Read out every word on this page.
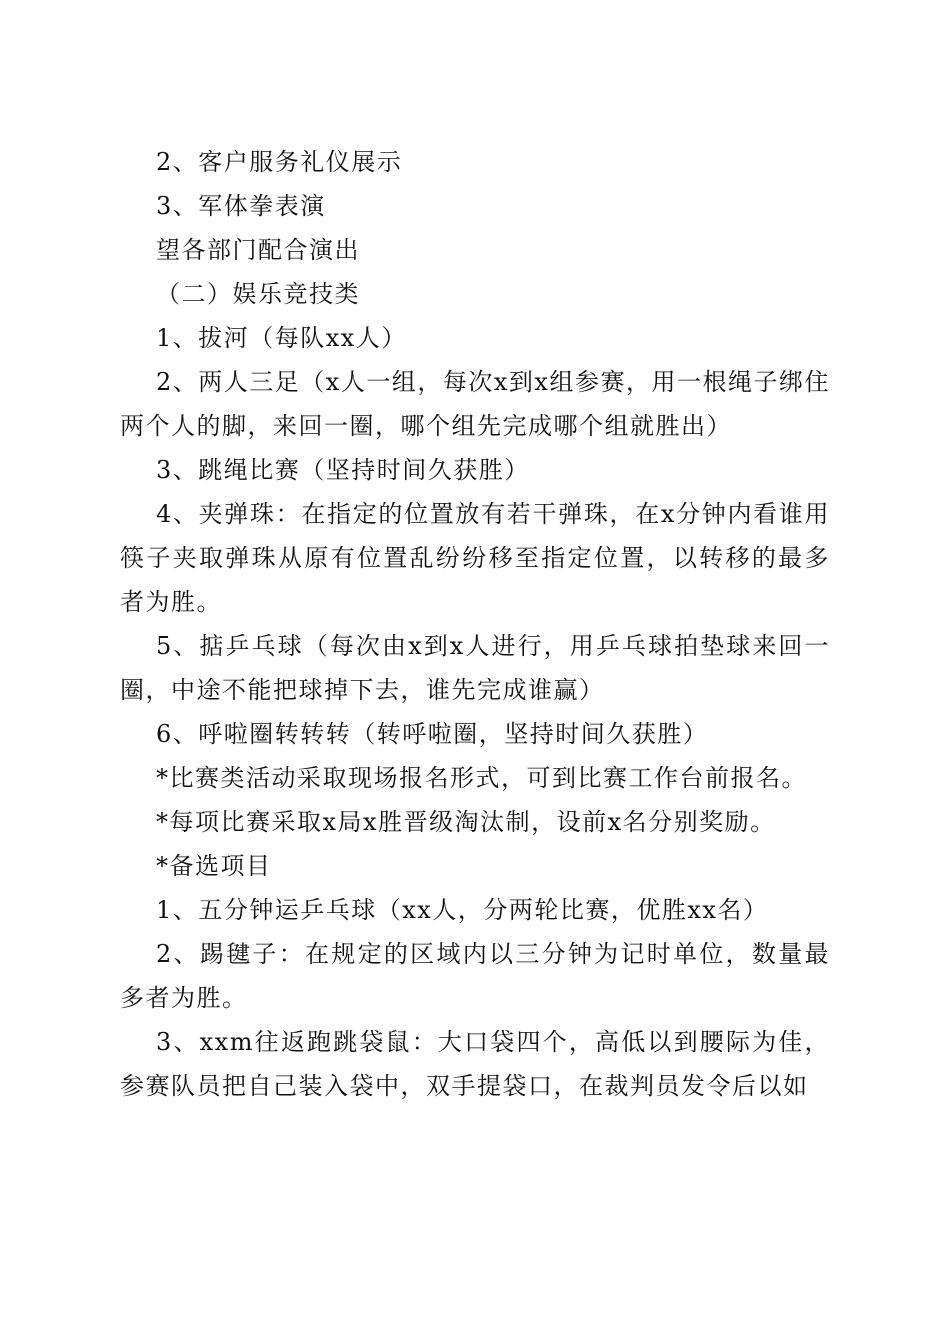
2、客户服务礼仪展示

3、军体拳表演

望各部门配合演出

（二）娱乐竞技类

1、拔河（每队xx人）

2、两人三足（x人一组，每次x到x组参赛，用一根绳子绑住两个人的脚，来回一圈，哪个组先完成哪个组就胜出）

3、跳绳比赛（坚持时间久获胜）

4、夹弹珠：在指定的位置放有若干弹珠，在x分钟内看谁用筷子夹取弹珠从原有位置乱纷纷移至指定位置，以转移的最多者为胜。

5、掂乒乓球（每次由x到x人进行，用乒乓球拍垫球来回一圈，中途不能把球掉下去，谁先完成谁赢）

6、呼啦圈转转转（转呼啦圈，坚持时间久获胜）

*比赛类活动采取现场报名形式，可到比赛工作台前报名。

*每项比赛采取x局x胜晋级淘汰制，设前x名分别奖励。

*备选项目

1、五分钟运乒乓球（xx人，分两轮比赛，优胜xx名）

2、踢毽子：在规定的区域内以三分钟为记时单位，数量最多者为胜。

3、xxm往返跑跳袋鼠：大口袋四个，高低以到腰际为佳，参赛队员把自己装入袋中，双手提袋口，在裁判员发令后以如
